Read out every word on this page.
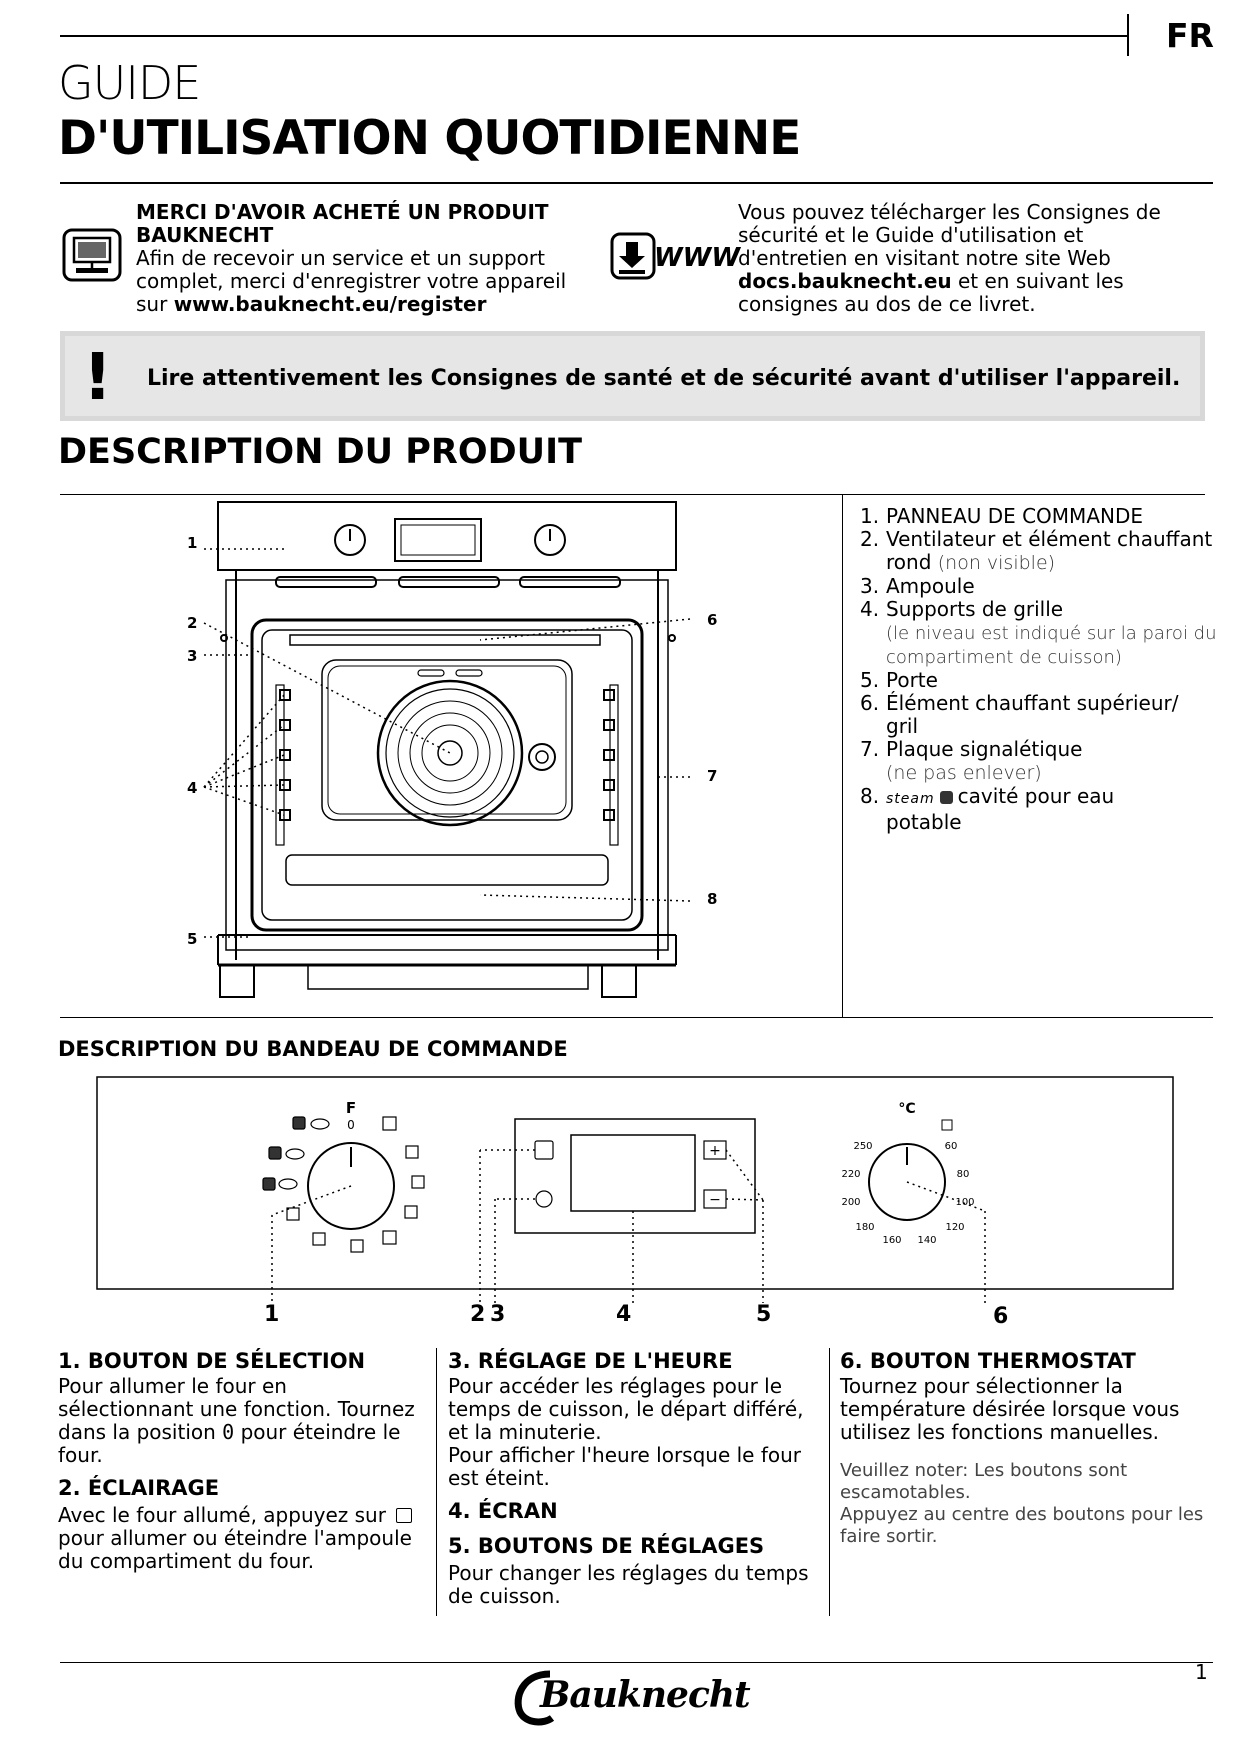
FR
GUIDE
D'UTILISATION QUOTIDIENNE
MERCI D'AVOIR ACHETÉ UN PRODUIT BAUKNECHT
Afin de recevoir un service et un support complet, merci d'enregistrer votre appareil sur www.bauknecht.eu/register
WWW
Vous pouvez télécharger les Consignes de sécurité et le Guide d'utilisation et d'entretien en visitant notre site Web docs.bauknecht.eu et en suivant les consignes au dos de ce livret.
! Lire attentivement les Consignes de santé et de sécurité avant d'utiliser l'appareil.
DESCRIPTION DU PRODUIT
1
2
3
4
5
6
7
8
1. PANNEAU DE COMMANDE
2. Ventilateur et élément chauffant rond (non visible)
3. Ampoule
4. Supports de grille
(le niveau est indiqué sur la paroi du compartiment de cuisson)
5. Porte
6. Élément chauffant supérieur/ gril
7. Plaque signalétique
(ne pas enlever)
8. steam cavité pour eau potable
DESCRIPTION DU BANDEAU DE COMMANDE
F
0
+
−
°C
250	60
220	80
200	100
180	120
160 140
1	2 3	4	5	6
1. BOUTON DE SÉLECTION

Pour allumer le four en sélectionnant une fonction. Tournez dans la position 0 pour éteindre le four.

2. ÉCLAIRAGE

Avec le four allumé, appuyez sur  pour allumer ou éteindre l'ampoule du compartiment du four.

3. RÉGLAGE DE L'HEURE

Pour accéder les réglages pour le temps de cuisson, le départ différé, et la minuterie.

Pour afficher l'heure lorsque le four est éteint.

4. ÉCRAN
5. BOUTONS DE RÉGLAGES

Pour changer les réglages du temps de cuisson.

6. BOUTON THERMOSTAT

Tournez pour sélectionner la température désirée lorsque vous utilisez les fonctions manuelles.

Veuillez noter: Les boutons sont escamotables.

Appuyez au centre des boutons pour les faire sortir.

Bauknecht
1
